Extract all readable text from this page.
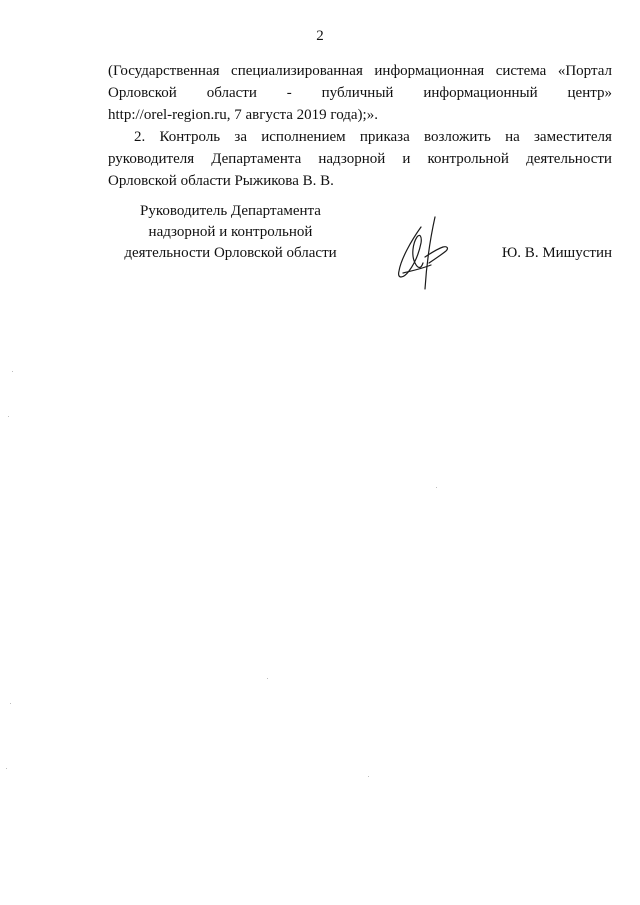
2
(Государственная специализированная информационная система «Портал
Орловской области - публичный информационный центр»
http://orel-region.ru, 7 августа 2019 года);».
2. Контроль за исполнением приказа возложить на заместителя
руководителя Департамента надзорной и контрольной деятельности
Орловской области Рыжикова В. В.
Руководитель Департамента
надзорной и контрольной
деятельности Орловской области	Ю. В. Мишустин
